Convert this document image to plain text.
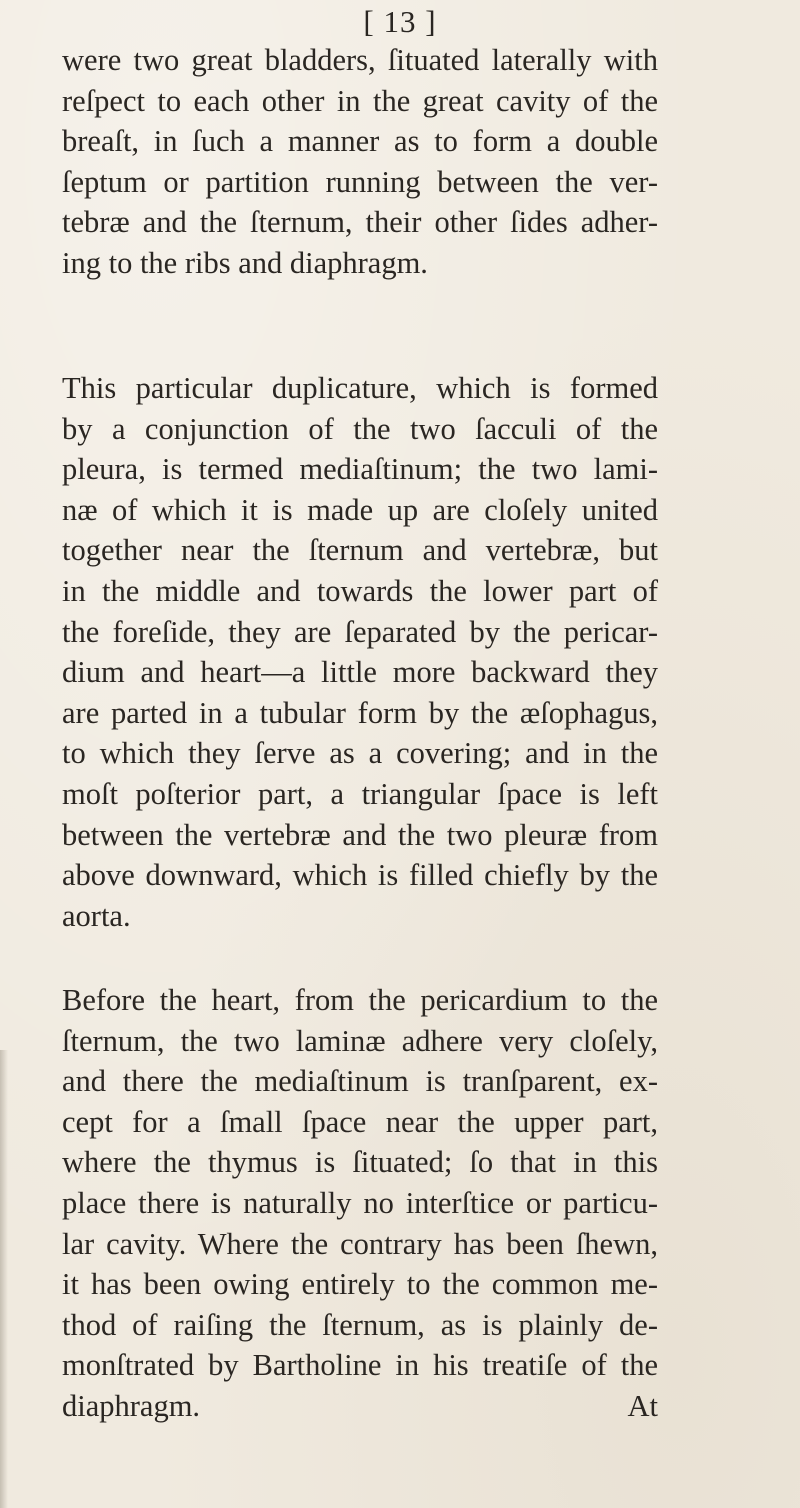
[ 13 ]
were two great bladders, ſituated laterally with
reſpect to each other in the great cavity of the
breaſt, in ſuch a manner as to form a double
ſeptum or partition running between the ver-
tebræ and the ſternum, their other ſides adher-
ing to the ribs and diaphragm.
This particular duplicature, which is formed
by a conjunction of the two ſacculi of the
pleura, is termed mediaſtinum; the two lami-
næ of which it is made up are cloſely united
together near the ſternum and vertebræ, but
in the middle and towards the lower part of
the foreſide, they are ſeparated by the pericar-
dium and heart—a little more backward they
are parted in a tubular form by the æſophagus,
to which they ſerve as a covering; and in the
moſt poſterior part, a triangular ſpace is left
between the vertebræ and the two pleuræ from
above downward, which is filled chiefly by the
aorta.
Before the heart, from the pericardium to the
ſternum, the two laminæ adhere very cloſely,
and there the mediaſtinum is tranſparent, ex-
cept for a ſmall ſpace near the upper part,
where the thymus is ſituated; ſo that in this
place there is naturally no interſtice or particu-
lar cavity. Where the contrary has been ſhewn,
it has been owing entirely to the common me-
thod of raiſing the ſternum, as is plainly de-
monſtrated by Bartholine in his treatiſe of the
diaphragm.	At
